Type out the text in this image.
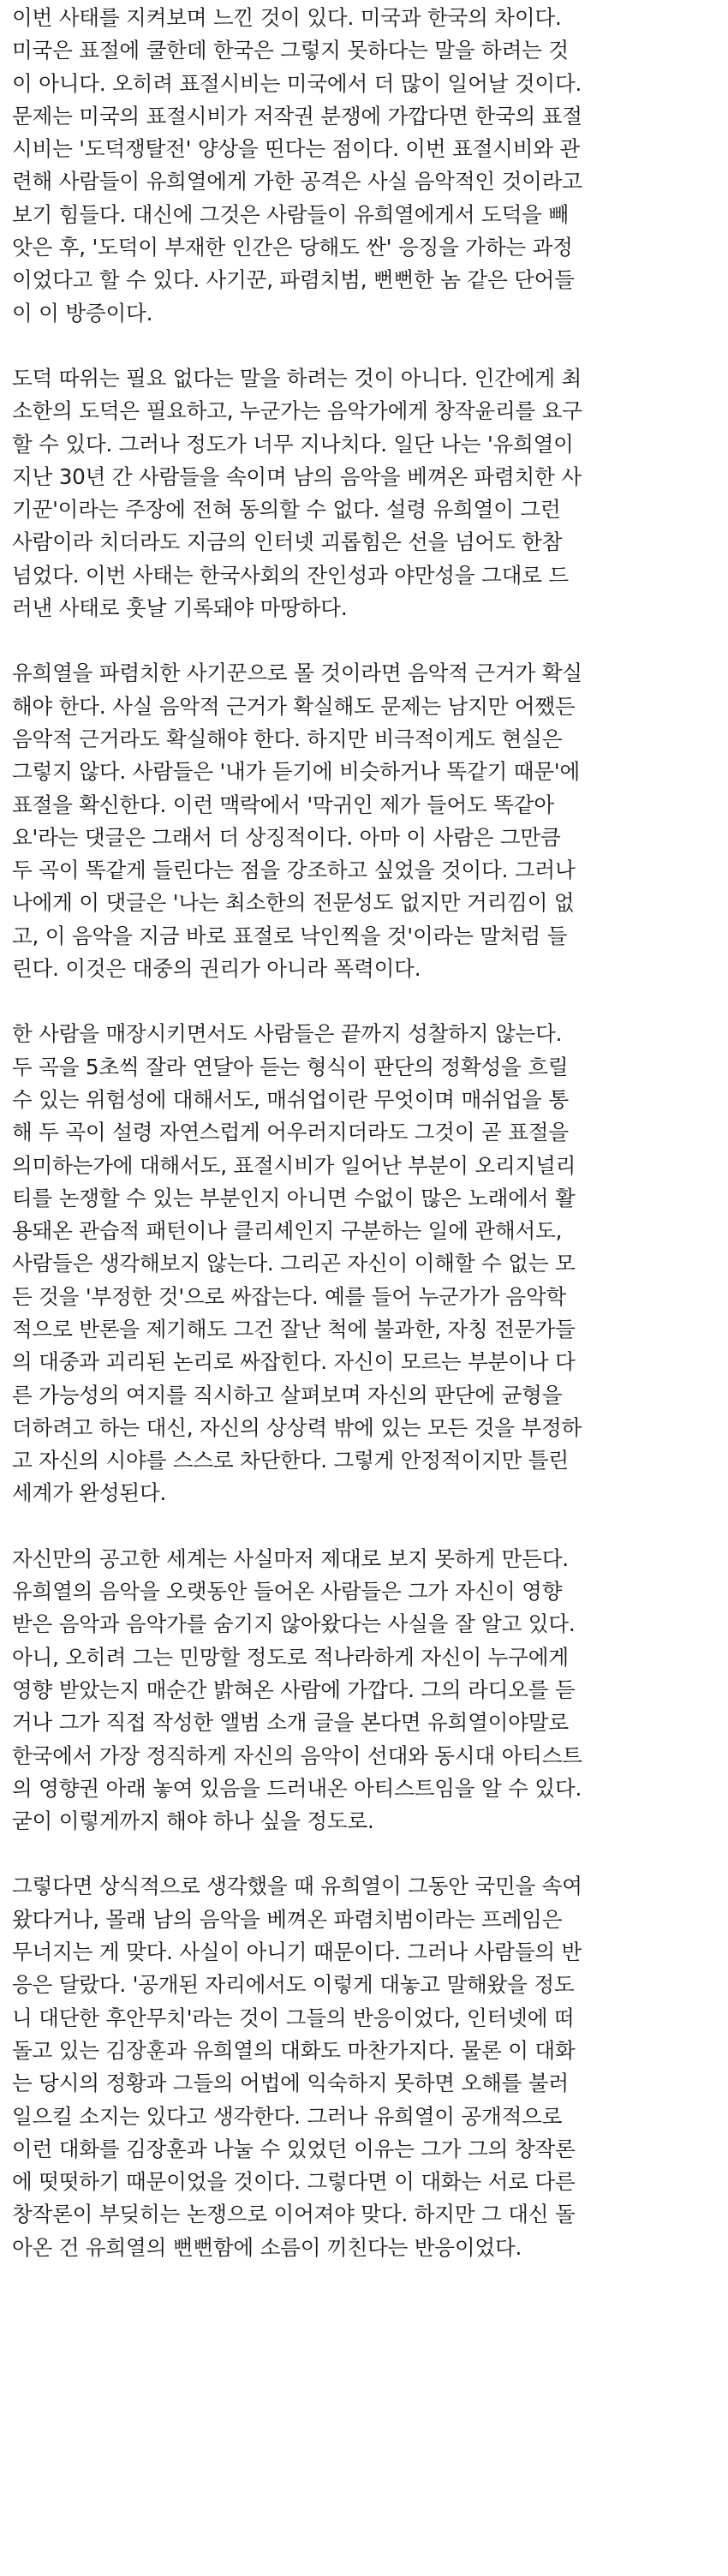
이번 사태를 지켜보며 느낀 것이 있다. 미국과 한국의 차이다.
미국은 표절에 쿨한데 한국은 그렇지 못하다는 말을 하려는 것
이 아니다. 오히려 표절시비는 미국에서 더 많이 일어날 것이다.
문제는 미국의 표절시비가 저작권 분쟁에 가깝다면 한국의 표절
시비는 '도덕쟁탈전' 양상을 띤다는 점이다. 이번 표절시비와 관
련해 사람들이 유희열에게 가한 공격은 사실 음악적인 것이라고
보기 힘들다. 대신에 그것은 사람들이 유희열에게서 도덕을 빼
앗은 후, '도덕이 부재한 인간은 당해도 싼' 응징을 가하는 과정
이었다고 할 수 있다. 사기꾼, 파렴치범, 뻔뻔한 놈 같은 단어들
이 이 방증이다.

도덕 따위는 필요 없다는 말을 하려는 것이 아니다. 인간에게 최
소한의 도덕은 필요하고, 누군가는 음악가에게 창작윤리를 요구
할 수 있다. 그러나 정도가 너무 지나치다. 일단 나는 '유희열이
지난 30년 간 사람들을 속이며 남의 음악을 베껴온 파렴치한 사
기꾼'이라는 주장에 전혀 동의할 수 없다. 설령 유희열이 그런
사람이라 치더라도 지금의 인터넷 괴롭힘은 선을 넘어도 한참
넘었다. 이번 사태는 한국사회의 잔인성과 야만성을 그대로 드
러낸 사태로 훗날 기록돼야 마땅하다.

유희열을 파렴치한 사기꾼으로 몰 것이라면 음악적 근거가 확실
해야 한다. 사실 음악적 근거가 확실해도 문제는 남지만 어쨌든
음악적 근거라도 확실해야 한다. 하지만 비극적이게도 현실은
그렇지 않다. 사람들은 '내가 듣기에 비슷하거나 똑같기 때문'에
표절을 확신한다. 이런 맥락에서 '막귀인 제가 들어도 똑같아
요'라는 댓글은 그래서 더 상징적이다. 아마 이 사람은 그만큼
두 곡이 똑같게 들린다는 점을 강조하고 싶었을 것이다. 그러나
나에게 이 댓글은 '나는 최소한의 전문성도 없지만 거리낌이 없
고, 이 음악을 지금 바로 표절로 낙인찍을 것'이라는 말처럼 들
린다. 이것은 대중의 권리가 아니라 폭력이다.

한 사람을 매장시키면서도 사람들은 끝까지 성찰하지 않는다.
두 곡을 5초씩 잘라 연달아 듣는 형식이 판단의 정확성을 흐릴
수 있는 위험성에 대해서도, 매쉬업이란 무엇이며 매쉬업을 통
해 두 곡이 설령 자연스럽게 어우러지더라도 그것이 곧 표절을
의미하는가에 대해서도, 표절시비가 일어난 부분이 오리지널리
티를 논쟁할 수 있는 부분인지 아니면 수없이 많은 노래에서 활
용돼온 관습적 패턴이나 클리셰인지 구분하는 일에 관해서도,
사람들은 생각해보지 않는다. 그리곤 자신이 이해할 수 없는 모
든 것을 '부정한 것'으로 싸잡는다. 예를 들어 누군가가 음악학
적으로 반론을 제기해도 그건 잘난 척에 불과한, 자칭 전문가들
의 대중과 괴리된 논리로 싸잡힌다. 자신이 모르는 부분이나 다
른 가능성의 여지를 직시하고 살펴보며 자신의 판단에 균형을
더하려고 하는 대신, 자신의 상상력 밖에 있는 모든 것을 부정하
고 자신의 시야를 스스로 차단한다. 그렇게 안정적이지만 틀린
세계가 완성된다.

자신만의 공고한 세계는 사실마저 제대로 보지 못하게 만든다.
유희열의 음악을 오랫동안 들어온 사람들은 그가 자신이 영향
받은 음악과 음악가를 숨기지 않아왔다는 사실을 잘 알고 있다.
아니, 오히려 그는 민망할 정도로 적나라하게 자신이 누구에게
영향 받았는지 매순간 밝혀온 사람에 가깝다. 그의 라디오를 듣
거나 그가 직접 작성한 앨범 소개 글을 본다면 유희열이야말로
한국에서 가장 정직하게 자신의 음악이 선대와 동시대 아티스트
의 영향권 아래 놓여 있음을 드러내온 아티스트임을 알 수 있다.
굳이 이렇게까지 해야 하나 싶을 정도로.

그렇다면 상식적으로 생각했을 때 유희열이 그동안 국민을 속여
왔다거나, 몰래 남의 음악을 베껴온 파렴치범이라는 프레임은
무너지는 게 맞다. 사실이 아니기 때문이다. 그러나 사람들의 반
응은 달랐다. '공개된 자리에서도 이렇게 대놓고 말해왔을 정도
니 대단한 후안무치'라는 것이 그들의 반응이었다, 인터넷에 떠
돌고 있는 김장훈과 유희열의 대화도 마찬가지다. 물론 이 대화
는 당시의 정황과 그들의 어법에 익숙하지 못하면 오해를 불러
일으킬 소지는 있다고 생각한다. 그러나 유희열이 공개적으로
이런 대화를 김장훈과 나눌 수 있었던 이유는 그가 그의 창작론
에 떳떳하기 때문이었을 것이다. 그렇다면 이 대화는 서로 다른
창작론이 부딪히는 논쟁으로 이어져야 맞다. 하지만 그 대신 돌
아온 건 유희열의 뻔뻔함에 소름이 끼친다는 반응이었다.
